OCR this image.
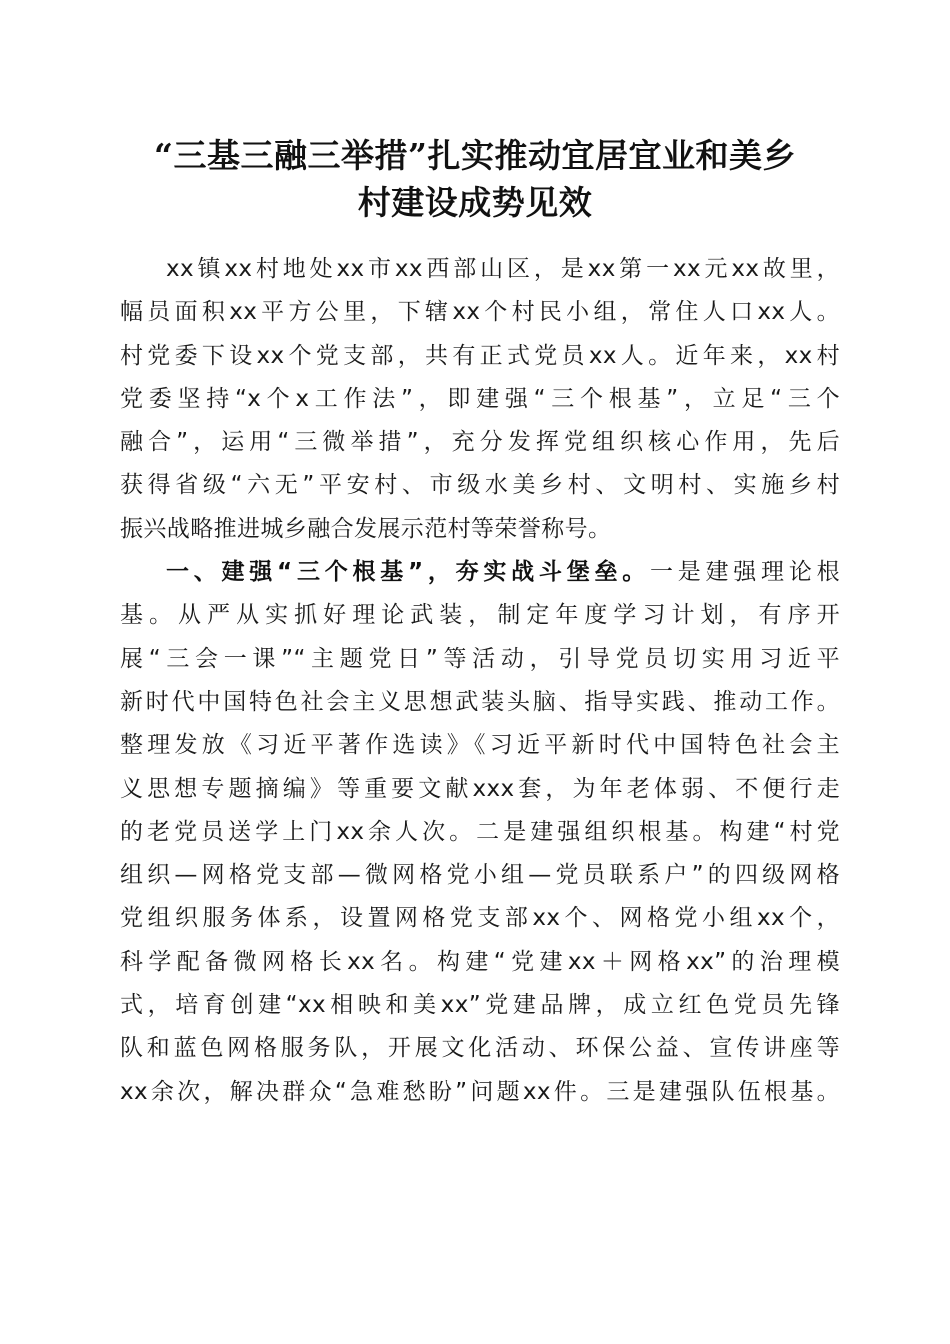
“三基三融三举措”扎实推动宜居宜业和美乡
村建设成势见效

xx镇xx村地处xx市xx西部山区，是xx第一xx元xx故里，
幅员面积xx平方公里，下辖xx个村民小组，常住人口xx人。
村党委下设xx个党支部，共有正式党员xx人。近年来，xx村
党委坚持“x个x工作法”，即建强“三个根基”，立足“三个
融合”，运用“三微举措”，充分发挥党组织核心作用，先后
获得省级“六无”平安村、市级水美乡村、文明村、实施乡村
振兴战略推进城乡融合发展示范村等荣誉称号。

一、建强“三个根基”，夯实战斗堡垒。一是建强理论根
基。从严从实抓好理论武装，制定年度学习计划，有序开
展“三会一课”“主题党日”等活动，引导党员切实用习近平
新时代中国特色社会主义思想武装头脑、指导实践、推动工作。
整理发放《习近平著作选读》《习近平新时代中国特色社会主
义思想专题摘编》等重要文献xxx套，为年老体弱、不便行走
的老党员送学上门xx余人次。二是建强组织根基。构建“村党
组织—网格党支部—微网格党小组—党员联系户”的四级网格
党组织服务体系，设置网格党支部xx个、网格党小组xx个，
科学配备微网格长xx名。构建“党建xx＋网格xx”的治理模
式，培育创建“xx相映和美xx”党建品牌，成立红色党员先锋
队和蓝色网格服务队，开展文化活动、环保公益、宣传讲座等
xx余次，解决群众“急难愁盼”问题xx件。三是建强队伍根基。
